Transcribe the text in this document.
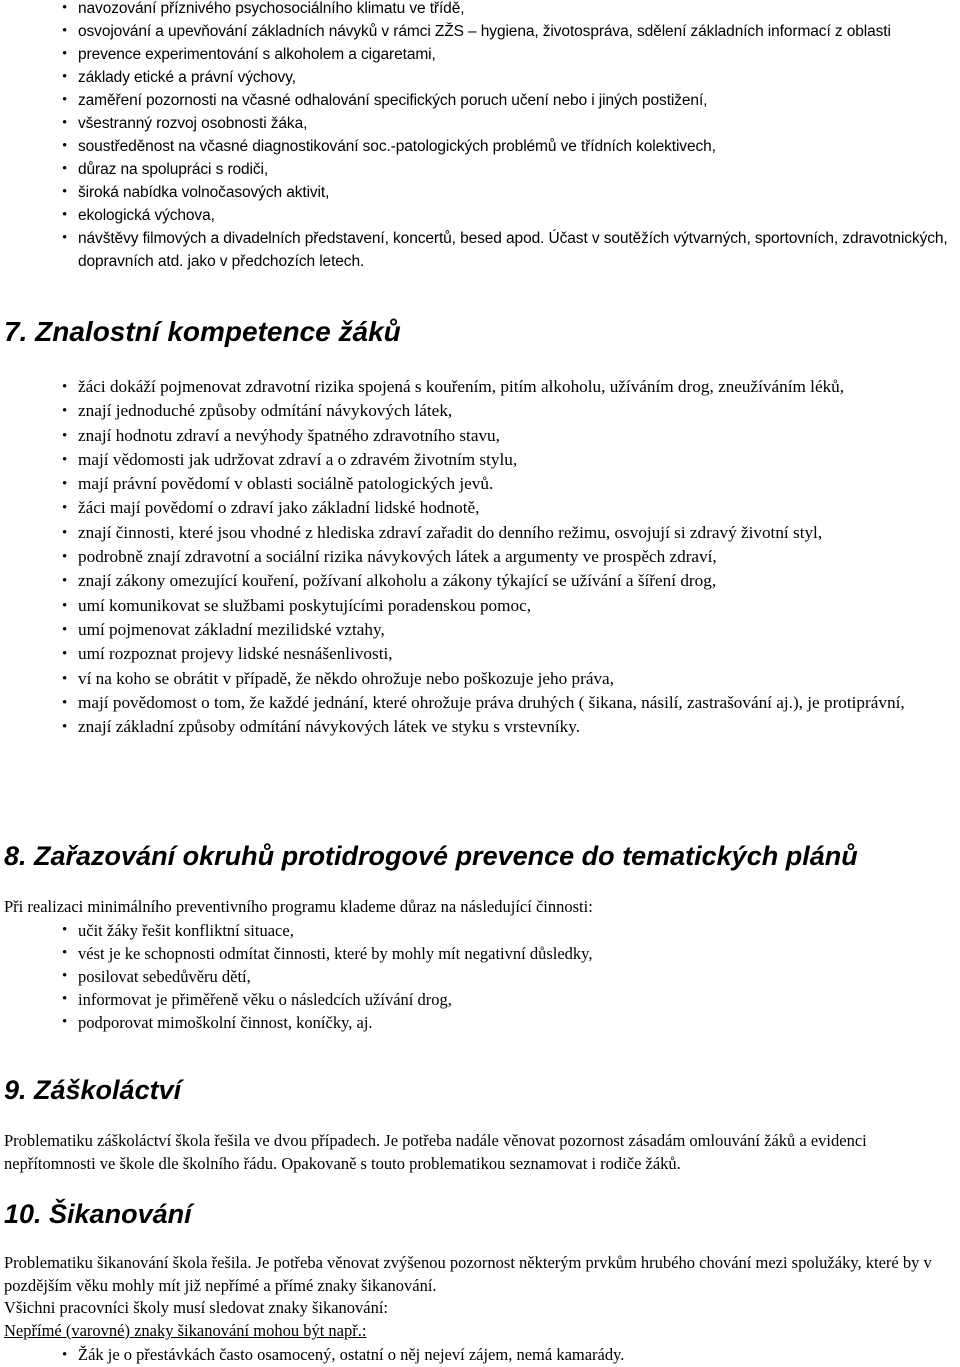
• navozování příznivého psychosociálního klimatu ve třídě,
• osvojování a upevňování základních návyků v rámci ZŽS – hygiena, životospráva, sdělení základních informací z oblasti
• prevence experimentování s alkoholem a cigaretami,
• základy etické a právní výchovy,
• zaměření pozornosti na včasné odhalování specifických poruch učení nebo i jiných postižení,
• všestranný rozvoj osobnosti žáka,
• soustředěnost na včasné diagnostikování soc.-patologických problémů ve třídních kolektivech,
• důraz na spolupráci s rodiči,
• široká nabídka volnočasových aktivit,
• ekologická výchova,
• návštěvy filmových a divadelních představení, koncertů, besed apod. Účast v soutěžích výtvarných, sportovních, zdravotnických, dopravních atd. jako v předchozích letech.
7. Znalostní kompetence žáků
• žáci dokáží pojmenovat zdravotní rizika spojená s kouřením, pitím alkoholu, užíváním drog, zneužíváním léků,
• znají jednoduché způsoby odmítání návykových látek,
• znají hodnotu zdraví a nevýhody špatného zdravotního stavu,
• mají vědomosti jak udržovat zdraví a o zdravém životním stylu,
• mají právní povědomí v oblasti sociálně patologických jevů.
• žáci mají povědomí o zdraví jako základní lidské hodnotě,
• znají činnosti, které jsou vhodné z hlediska zdraví zařadit do denního režimu, osvojují si zdravý životní styl,
• podrobně znají zdravotní a sociální rizika návykových látek a argumenty ve prospěch zdraví,
• znají zákony omezující kouření, požívaní alkoholu a zákony týkající se užívání a šíření drog,
• umí komunikovat se službami poskytujícími poradenskou pomoc,
• umí pojmenovat základní mezilidské vztahy,
• umí rozpoznat projevy lidské nesnášenlivosti,
• ví na koho se obrátit v případě, že někdo ohrožuje nebo poškozuje jeho práva,
• mají povědomost o tom, že každé jednání, které ohrožuje práva druhých ( šikana, násilí, zastrašování aj.), je protiprávní,
• znají základní způsoby odmítání návykových látek ve styku s vrstevníky.
8. Zařazování okruhů protidrogové prevence do tematických plánů

Při realizaci minimálního preventivního programu klademe důraz na následující činnosti:

• učit žáky řešit konfliktní situace,
• vést je ke schopnosti odmítat činnosti, které by mohly mít negativní důsledky,
• posilovat sebedůvěru dětí,
• informovat je přiměřeně věku o následcích užívání drog,
• podporovat mimoškolní činnost, koníčky, aj.
9. Záškoláctví

Problematiku záškoláctví škola řešila ve dvou případech. Je potřeba nadále věnovat pozornost zásadám omlouvání žáků a evidenci nepřítomnosti ve škole dle školního řádu. Opakovaně s touto problematikou seznamovat i rodiče žáků.

10. Šikanování

Problematiku šikanování škola řešila. Je potřeba věnovat zvýšenou pozornost některým prvkům hrubého chování mezi spolužáky, které by v pozdějším věku mohly mít již nepřímé a přímé znaky šikanování.

Všichni pracovníci školy musí sledovat znaky šikanování:

Nepřímé (varovné) znaky šikanování mohou být např.:

• Žák je o přestávkách často osamocený, ostatní o něj nejeví zájem, nemá kamarády.
